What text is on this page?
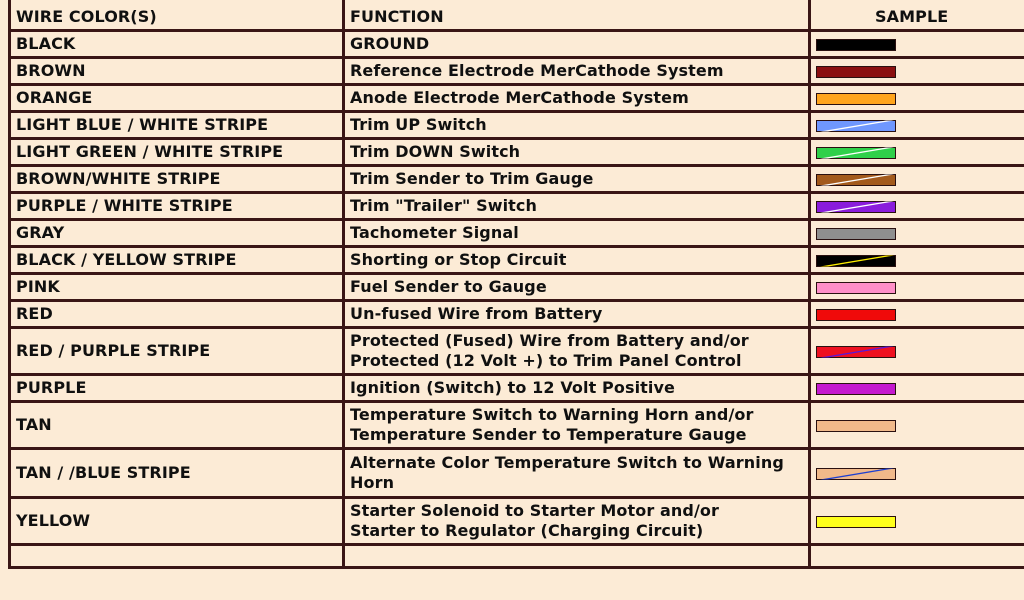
WIRE COLOR(S)	FUNCTION	SAMPLE
BLACK	GROUND	
BROWN	Reference Electrode MerCathode System	
ORANGE	Anode Electrode MerCathode System	
LIGHT BLUE / WHITE STRIPE	Trim UP Switch	
LIGHT GREEN / WHITE STRIPE	Trim DOWN Switch	
BROWN/WHITE STRIPE	Trim Sender to Trim Gauge	
PURPLE / WHITE STRIPE	Trim "Trailer" Switch	
GRAY	Tachometer Signal	
BLACK / YELLOW STRIPE	Shorting or Stop Circuit	
PINK	Fuel Sender to Gauge	
RED	Un-fused Wire from Battery	
RED / PURPLE STRIPE	Protected (Fused) Wire from Battery and/or
Protected (12 Volt +) to Trim Panel Control	
PURPLE	Ignition (Switch) to 12 Volt Positive	
TAN	Temperature Switch to Warning Horn and/or
Temperature Sender to Temperature Gauge	
TAN / /BLUE STRIPE	Alternate Color Temperature Switch to Warning
Horn	
YELLOW	Starter Solenoid to Starter Motor and/or
Starter to Regulator (Charging Circuit)	
